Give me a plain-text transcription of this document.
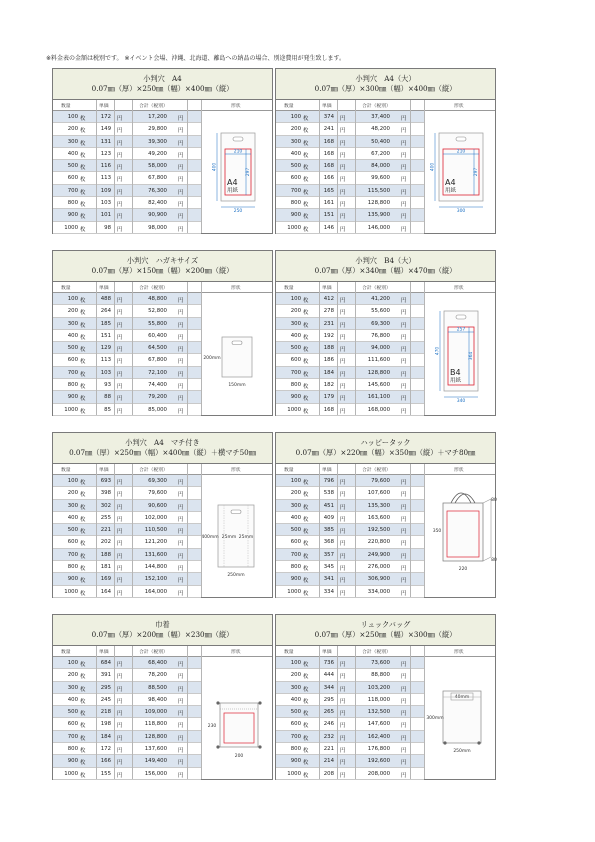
※料金表の金額は税別です。 ※イベント会場、沖縄、北海道、離島への納品の場合、別途費用が発生致します。
小判穴　A4
0.07㎜（厚）×250㎜（幅）×400㎜（縦）
数量	単価	合計（税別）	形状
100 枚	172 円	17,200 円
200 枚	149 円	29,800 円
300 枚	131 円	39,300 円
400 枚	123 円	49,200 円
500 枚	116 円	58,000 円
600 枚	113 円	67,800 円
700 枚	109 円	76,300 円
800 枚	103 円	82,400 円
900 枚	101 円	90,900 円
1000 枚	98 円	98,000 円
210
297
A4
用紙
250
400
小判穴　A4（大）
0.07㎜（厚）×300㎜（幅）×400㎜（縦）
数量	単価	合計（税別）	形状
100 枚	374 円	37,400 円
200 枚	241 円	48,200 円
300 枚	168 円	50,400 円
400 枚	168 円	67,200 円
500 枚	168 円	84,000 円
600 枚	166 円	99,600 円
700 枚	165 円	115,500 円
800 枚	161 円	128,800 円
900 枚	151 円	135,900 円
1000 枚	146 円	146,000 円
210
297
A4
用紙
300
400
小判穴　ハガキサイズ
0.07㎜（厚）×150㎜（幅）×200㎜（縦）
数量	単価	合計（税別）	形状
100 枚	488 円	48,800 円
200 枚	264 円	52,800 円
300 枚	185 円	55,800 円
400 枚	151 円	60,400 円
500 枚	129 円	64,500 円
600 枚	113 円	67,800 円
700 枚	103 円	72,100 円
800 枚	93 円	74,400 円
900 枚	88 円	79,200 円
1000 枚	85 円	85,000 円
150mm
200mm
小判穴　B4（大）
0.07㎜（厚）×340㎜（幅）×470㎜（縦）
数量	単価	合計（税別）	形状
100 枚	412 円	41,200 円
200 枚	278 円	55,600 円
300 枚	231 円	69,300 円
400 枚	192 円	76,800 円
500 枚	188 円	94,000 円
600 枚	186 円	111,600 円
700 枚	184 円	128,800 円
800 枚	182 円	145,600 円
900 枚	179 円	161,100 円
1000 枚	168 円	168,000 円
257
364
B4
用紙
340
470
小判穴　A4　マチ付き
0.07㎜（厚）×250㎜（幅）×400㎜（縦）＋横マチ50㎜
数量	単価	合計（税別）	形状
100 枚	693 円	69,300 円
200 枚	398 円	79,600 円
300 枚	302 円	90,600 円
400 枚	255 円	102,000 円
500 枚	221 円	110,500 円
600 枚	202 円	121,200 円
700 枚	188 円	131,600 円
800 枚	181 円	144,800 円
900 枚	169 円	152,100 円
1000 枚	164 円	164,000 円
25mm 25mm
250mm
400mm
ハッピータック
0.07㎜（厚）×220㎜（幅）×350㎜（縦）＋マチ80㎜
数量	単価	合計（税別）	形状
100 枚	796 円	79,600 円
200 枚	538 円	107,600 円
300 枚	451 円	135,300 円
400 枚	409 円	163,600 円
500 枚	385 円	192,500 円
600 枚	368 円	220,800 円
700 枚	357 円	249,900 円
800 枚	345 円	276,000 円
900 枚	341 円	306,900 円
1000 枚	334 円	334,000 円
80
80
220
350
巾着
0.07㎜（厚）×200㎜（幅）×230㎜（縦）
数量	単価	合計（税別）	形状
100 枚	684 円	68,400 円
200 枚	391 円	78,200 円
300 枚	295 円	88,500 円
400 枚	245 円	98,400 円
500 枚	218 円	109,000 円
600 枚	198 円	118,800 円
700 枚	184 円	128,800 円
800 枚	172 円	137,600 円
900 枚	166 円	149,400 円
1000 枚	155 円	156,000 円
200
230
リュックバッグ
0.07㎜（厚）×250㎜（幅）×300㎜（縦）
数量	単価	合計（税別）	形状
100 枚	736 円	73,600 円
200 枚	444 円	88,800 円
300 枚	344 円	103,200 円
400 枚	295 円	118,000 円
500 枚	265 円	132,500 円
600 枚	246 円	147,600 円
700 枚	232 円	162,400 円
800 枚	221 円	176,800 円
900 枚	214 円	192,600 円
1000 枚	208 円	208,000 円
40mm
250mm
300mm
